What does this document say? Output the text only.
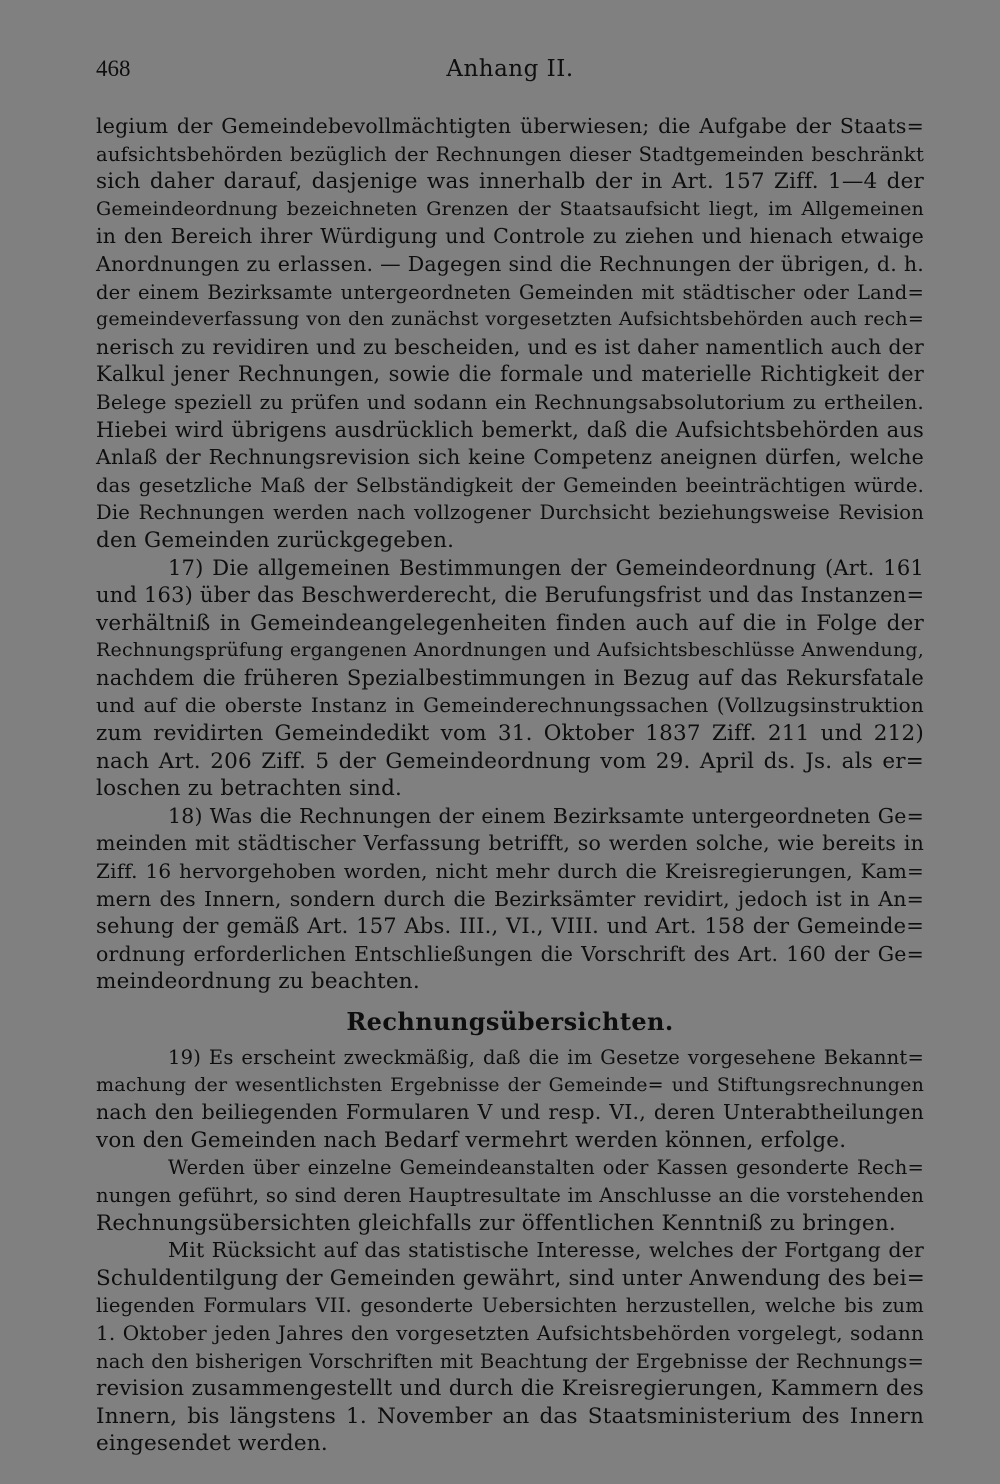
468	Anhang II.
legium der Gemeindebevollmächtigten überwiesen; die Aufgabe der Staats=
aufsichtsbehörden bezüglich der Rechnungen dieser Stadtgemeinden beschränkt
sich daher darauf, dasjenige was innerhalb der in Art. 157 Ziff. 1—4 der
Gemeindeordnung bezeichneten Grenzen der Staatsaufsicht liegt, im Allgemeinen
in den Bereich ihrer Würdigung und Controle zu ziehen und hienach etwaige
Anordnungen zu erlassen. — Dagegen sind die Rechnungen der übrigen, d. h.
der einem Bezirksamte untergeordneten Gemeinden mit städtischer oder Land=
gemeindeverfassung von den zunächst vorgesetzten Aufsichtsbehörden auch rech=
nerisch zu revidiren und zu bescheiden, und es ist daher namentlich auch der
Kalkul jener Rechnungen, sowie die formale und materielle Richtigkeit der
Belege speziell zu prüfen und sodann ein Rechnungsabsolutorium zu ertheilen.
Hiebei wird übrigens ausdrücklich bemerkt, daß die Aufsichtsbehörden aus
Anlaß der Rechnungsrevision sich keine Competenz aneignen dürfen, welche
das gesetzliche Maß der Selbständigkeit der Gemeinden beeinträchtigen würde.
Die Rechnungen werden nach vollzogener Durchsicht beziehungsweise Revision
den Gemeinden zurückgegeben.
17) Die allgemeinen Bestimmungen der Gemeindeordnung (Art. 161
und 163) über das Beschwerderecht, die Berufungsfrist und das Instanzen=
verhältniß in Gemeindeangelegenheiten finden auch auf die in Folge der
Rechnungsprüfung ergangenen Anordnungen und Aufsichtsbeschlüsse Anwendung,
nachdem die früheren Spezialbestimmungen in Bezug auf das Rekursfatale
und auf die oberste Instanz in Gemeinderechnungssachen (Vollzugsinstruktion
zum revidirten Gemeindedikt vom 31. Oktober 1837 Ziff. 211 und 212)
nach Art. 206 Ziff. 5 der Gemeindeordnung vom 29. April ds. Js. als er=
loschen zu betrachten sind.
18) Was die Rechnungen der einem Bezirksamte untergeordneten Ge=
meinden mit städtischer Verfassung betrifft, so werden solche, wie bereits in
Ziff. 16 hervorgehoben worden, nicht mehr durch die Kreisregierungen, Kam=
mern des Innern, sondern durch die Bezirksämter revidirt, jedoch ist in An=
sehung der gemäß Art. 157 Abs. III., VI., VIII. und Art. 158 der Gemeinde=
ordnung erforderlichen Entschließungen die Vorschrift des Art. 160 der Ge=
meindeordnung zu beachten.
Rechnungsübersichten.
19) Es erscheint zweckmäßig, daß die im Gesetze vorgesehene Bekannt=
machung der wesentlichsten Ergebnisse der Gemeinde= und Stiftungsrechnungen
nach den beiliegenden Formularen V und resp. VI., deren Unterabtheilungen
von den Gemeinden nach Bedarf vermehrt werden können, erfolge.
Werden über einzelne Gemeindeanstalten oder Kassen gesonderte Rech=
nungen geführt, so sind deren Hauptresultate im Anschlusse an die vorstehenden
Rechnungsübersichten gleichfalls zur öffentlichen Kenntniß zu bringen.
Mit Rücksicht auf das statistische Interesse, welches der Fortgang der
Schuldentilgung der Gemeinden gewährt, sind unter Anwendung des bei=
liegenden Formulars VII. gesonderte Uebersichten herzustellen, welche bis zum
1. Oktober jeden Jahres den vorgesetzten Aufsichtsbehörden vorgelegt, sodann
nach den bisherigen Vorschriften mit Beachtung der Ergebnisse der Rechnungs=
revision zusammengestellt und durch die Kreisregierungen, Kammern des
Innern, bis längstens 1. November an das Staatsministerium des Innern
eingesendet werden.
